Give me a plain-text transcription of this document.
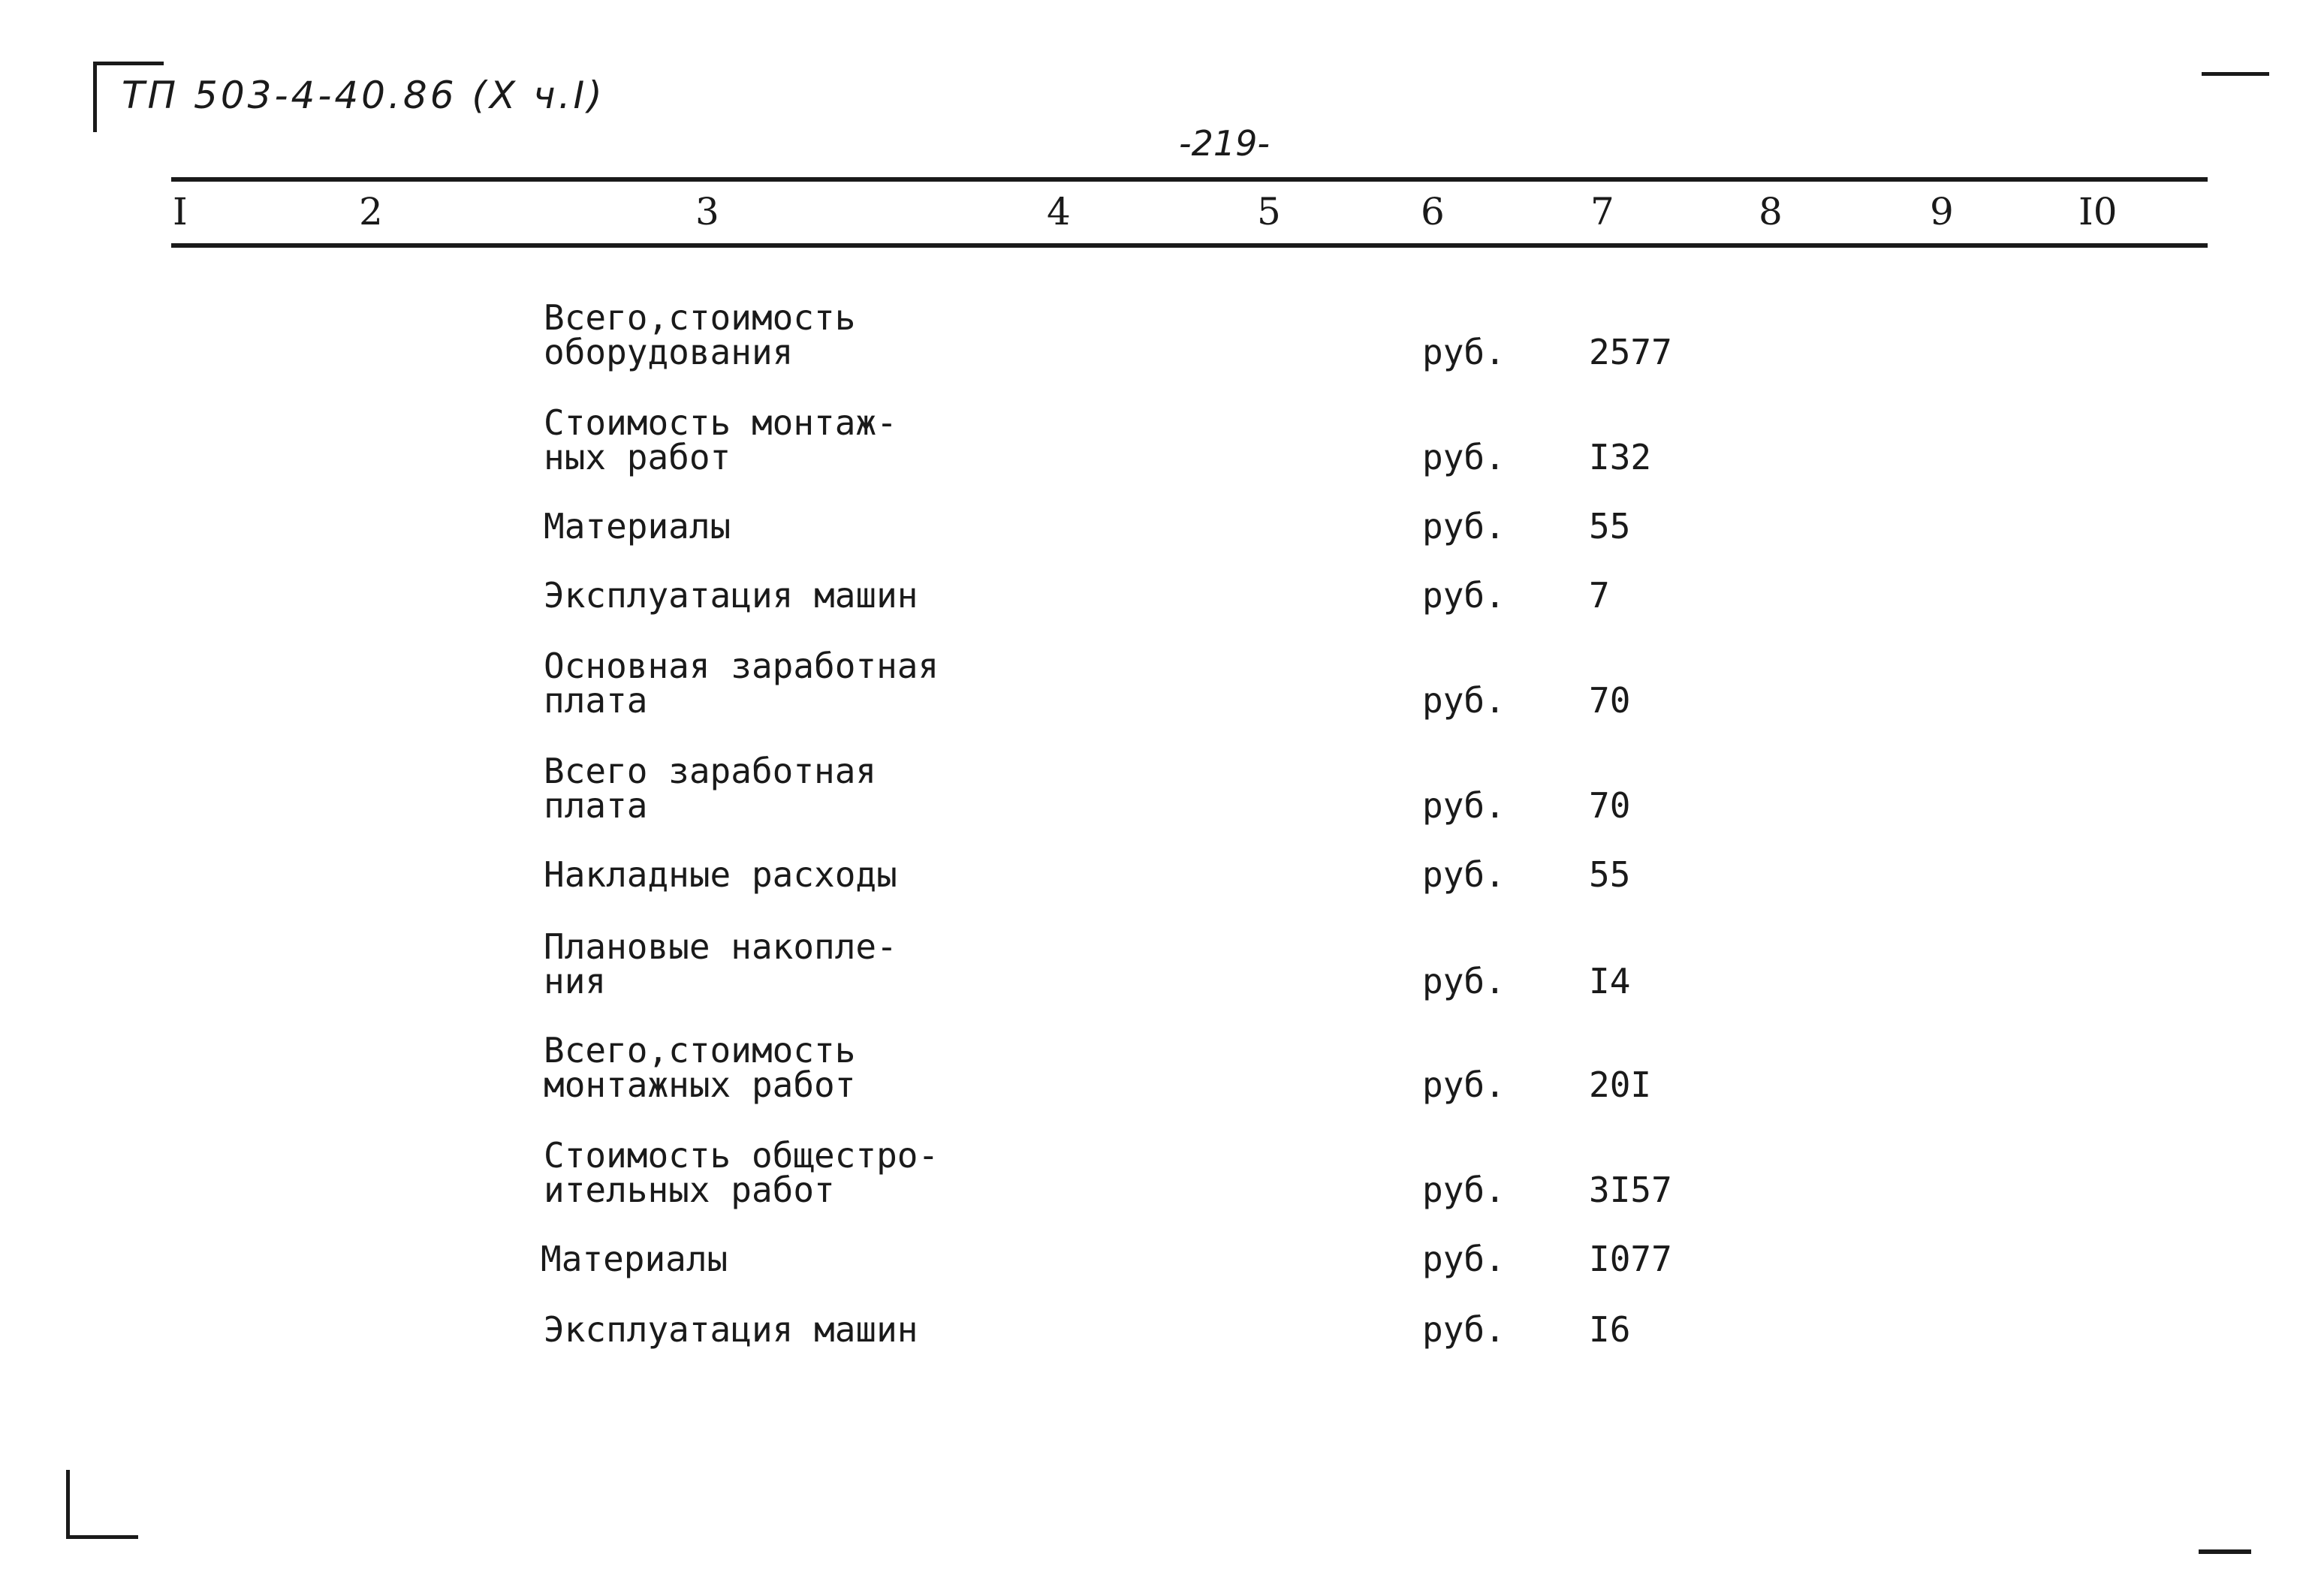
ТП 503-4-40.86 (X ч.I)
-219-
I	2	3	4	5	6	7	8	9	I0
Всего,стоимость
оборудования	руб. 2577
Стоимость монтаж-
ных работ	руб. I32
Материалы	руб. 55
Эксплуатация машин	руб. 7
Основная заработная
плата	руб. 70
Всего заработная
плата	руб. 70
Накладные расходы	руб. 55
Плановые накопле-
ния	руб. I4
Всего,стоимость
монтажных работ	руб. 20I
Стоимость общестро-
ительных работ	руб. 3I57
Материалы	руб. I077
Эксплуатация машин	руб. I6
